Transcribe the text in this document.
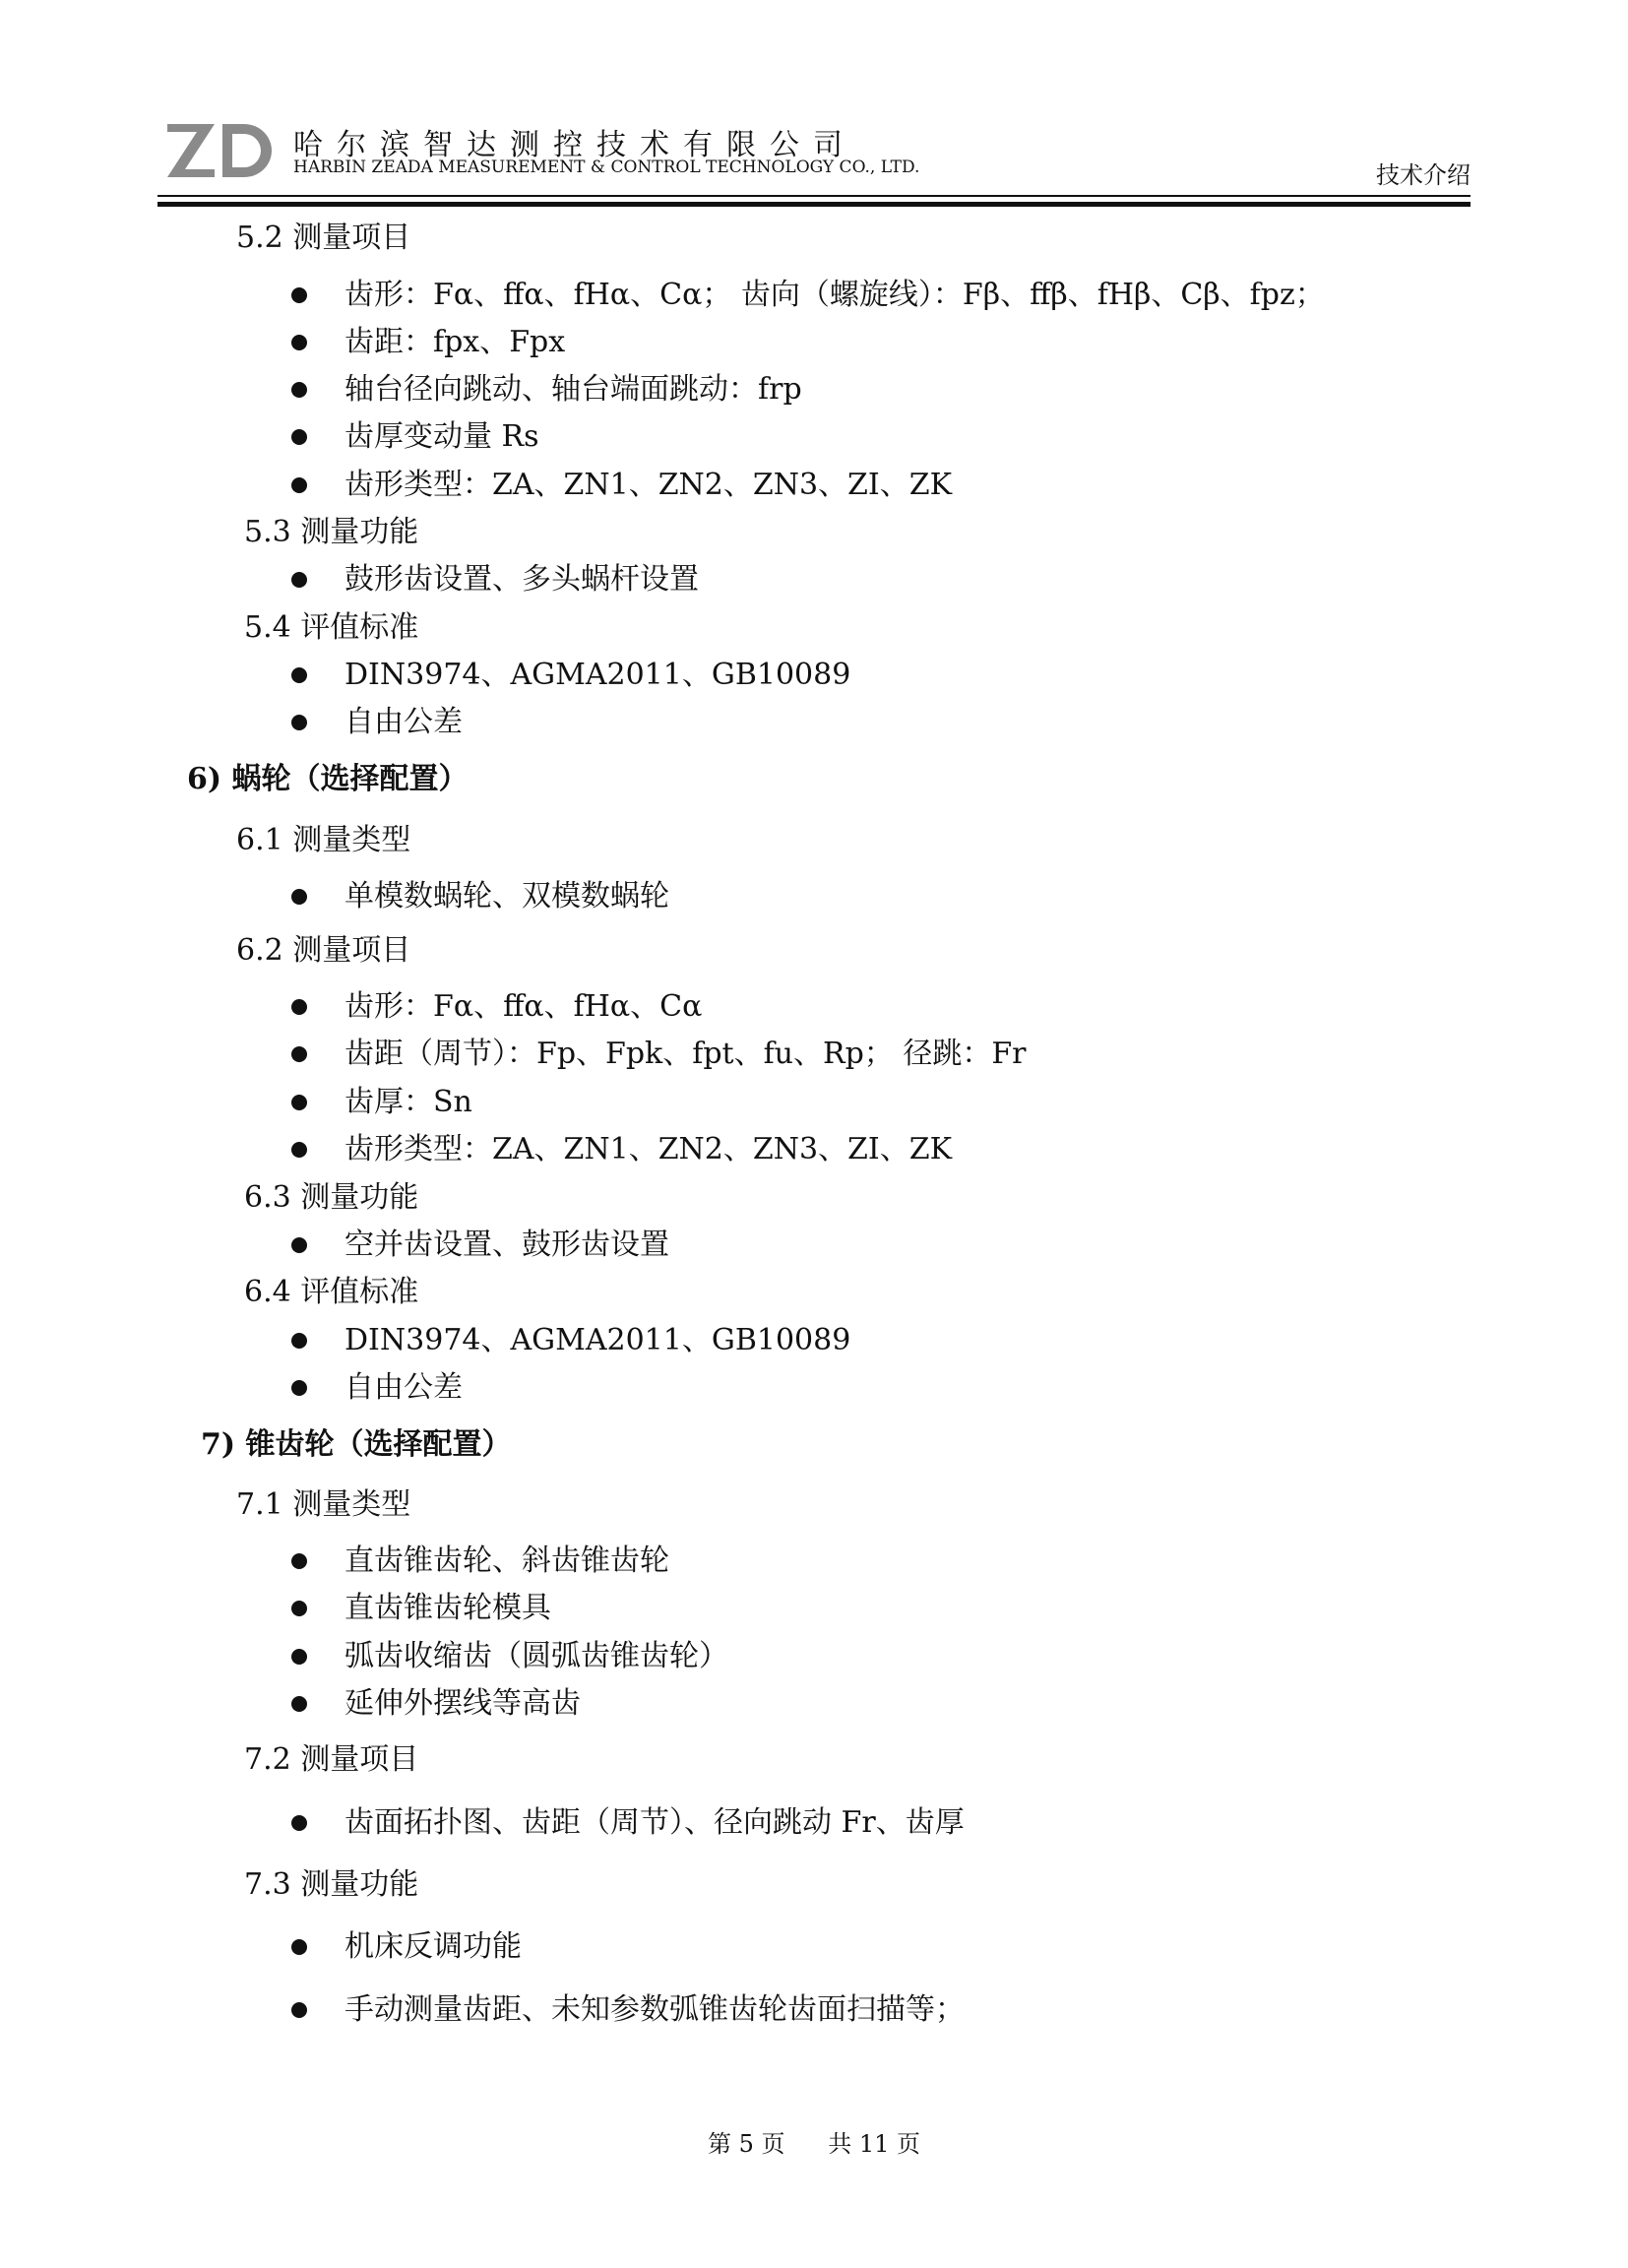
哈尔滨智达测控技术有限公司
HARBIN ZEADA MEASUREMENT & CONTROL TECHNOLOGY CO., LTD.	技术介绍
5.2 测量项目
齿形：Fα、ffα、fHα、Cα； 齿向（螺旋线）：Fβ、ffβ、fHβ、Cβ、fpz；
齿距：fpx、Fpx
轴台径向跳动、轴台端面跳动：frp
齿厚变动量 Rs
齿形类型：ZA、ZN1、ZN2、ZN3、ZI、ZK
5.3 测量功能
鼓形齿设置、多头蜗杆设置
5.4 评值标准
DIN3974、AGMA2011、GB10089
自由公差
6) 蜗轮（选择配置）
6.1 测量类型
单模数蜗轮、双模数蜗轮
6.2 测量项目
齿形：Fα、ffα、fHα、Cα
齿距（周节）：Fp、Fpk、fpt、fu、Rp； 径跳：Fr
齿厚：Sn
齿形类型：ZA、ZN1、ZN2、ZN3、ZI、ZK
6.3 测量功能
空并齿设置、鼓形齿设置
6.4 评值标准
DIN3974、AGMA2011、GB10089
自由公差
7) 锥齿轮（选择配置）
7.1 测量类型
直齿锥齿轮、斜齿锥齿轮
直齿锥齿轮模具
弧齿收缩齿（圆弧齿锥齿轮）
延伸外摆线等高齿
7.2 测量项目
齿面拓扑图、齿距（周节）、径向跳动 Fr、齿厚
7.3 测量功能
机床反调功能
手动测量齿距、未知参数弧锥齿轮齿面扫描等；
第 5 页 共 11 页
